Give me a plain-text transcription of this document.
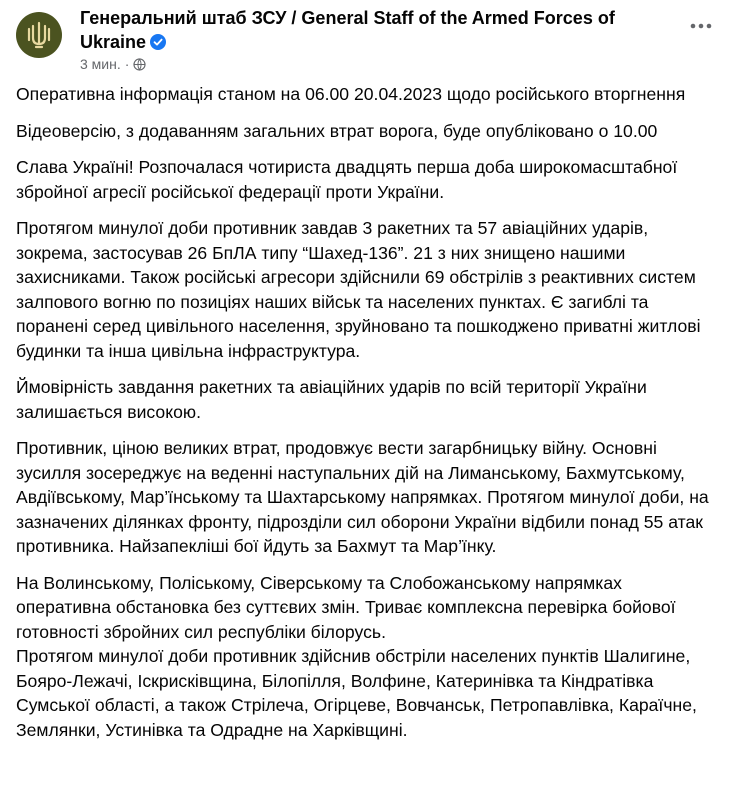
Генеральний штаб ЗСУ / General Staff of the Armed Forces of Ukraine
3 мин. ·

Оперативна інформація станом на 06.00 20.04.2023 щодо російського вторгнення

Відеоверсію, з додаванням загальних втрат ворога, буде опубліковано о 10.00

Слава Україні! Розпочалася чотириста двадцять перша доба широкомасштабної збройної агресії російської федерації проти України.

Протягом минулої доби противник завдав 3 ракетних та 57 авіаційних ударів, зокрема, застосував 26 БпЛА типу “Шахед-136”. 21 з них знищено нашими захисниками. Також російські агресори здійснили 69 обстрілів з реактивних систем залпового вогню по позиціях наших військ та населених пунктах. Є загиблі та поранені серед цивільного населення, зруйновано та пошкоджено приватні житлові будинки та інша цивільна інфраструктура.

Ймовірність завдання ракетних та авіаційних ударів по всій території України залишається високою.

Противник, ціною великих втрат, продовжує вести загарбницьку війну. Основні зусилля зосереджує на веденні наступальних дій на Лиманському, Бахмутському, Авдіївському, Мар’їнському та Шахтарському напрямках. Протягом минулої доби, на зазначених ділянках фронту, підрозділи сил оборони України відбили понад 55 атак противника. Найзапекліші бої йдуть за Бахмут та Мар’їнку.

На Волинському, Поліському, Сіверському та Слобожанському напрямках оперативна обстановка без суттєвих змін. Триває комплексна перевірка бойової готовності збройних сил республіки білорусь.

Протягом минулої доби противник здійснив обстріли населених пунктів Шалигине, Бояро-Лежачі, Іскрисківщина, Білопілля, Волфине, Катеринівка та Кіндратівка Сумської області, а також Стрілеча, Огірцеве, Вовчанськ, Петропавлівка, Караїчне, Землянки, Устинівка та Одрадне на Харківщині.
